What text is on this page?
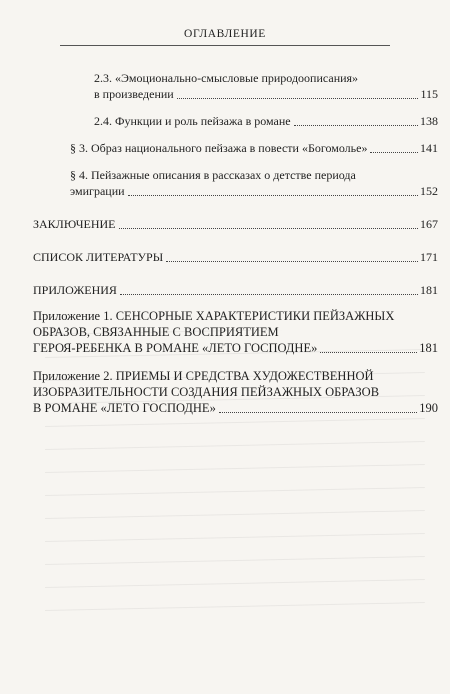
ОГЛАВЛЕНИЕ
2.3. «Эмоционально-смысловые природоописания»
в произведении	115
2.4. Функции и роль пейзажа в романе	138
§ 3. Образ национального пейзажа в повести «Богомолье»	141
§ 4. Пейзажные описания в рассказах о детстве периода
эмиграции	152
ЗАКЛЮЧЕНИЕ	167
СПИСОК ЛИТЕРАТУРЫ	171
ПРИЛОЖЕНИЯ	181
Приложение 1. СЕНСОРНЫЕ ХАРАКТЕРИСТИКИ ПЕЙЗАЖНЫХ
ОБРАЗОВ, СВЯЗАННЫЕ С ВОСПРИЯТИЕМ
ГЕРОЯ-РЕБЕНКА В РОМАНЕ «ЛЕТО ГОСПОДНЕ»	181
Приложение 2. ПРИЕМЫ И СРЕДСТВА ХУДОЖЕСТВЕННОЙ
ИЗОБРАЗИТЕЛЬНОСТИ СОЗДАНИЯ ПЕЙЗАЖНЫХ ОБРАЗОВ
В РОМАНЕ «ЛЕТО ГОСПОДНЕ»	190
